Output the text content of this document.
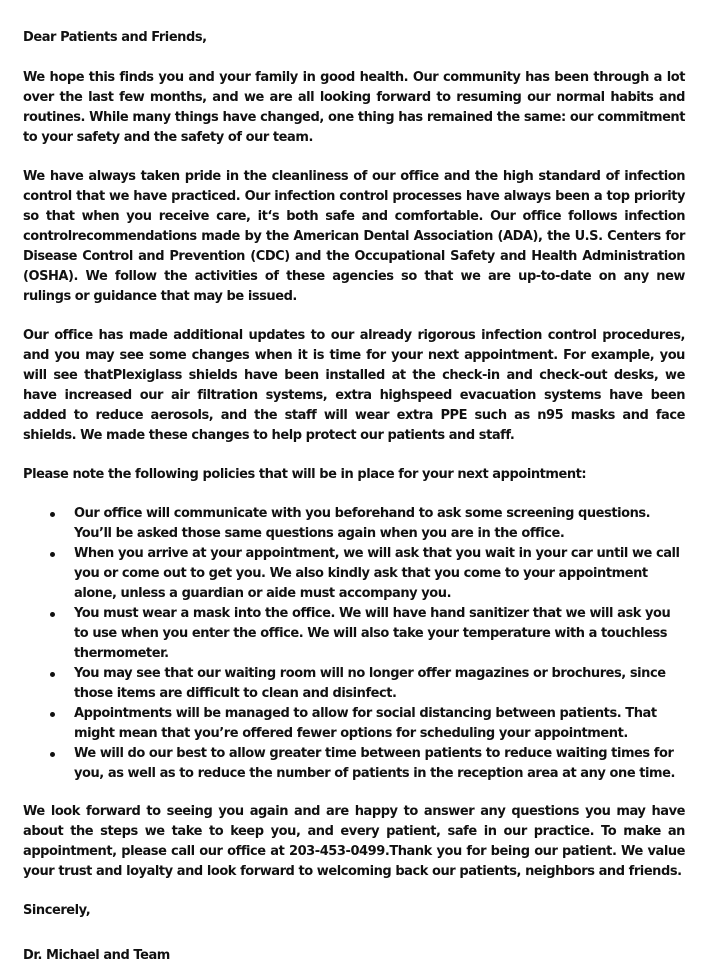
Dear Patients and Friends,

We hope this finds you and your family in good health. Our community has been through a lot over the last few months, and we are all looking forward to resuming our normal habits and routines. While many things have changed, one thing has remained the same: our commitment to your safety and the safety of our team.

We have always taken pride in the cleanliness of our office and the high standard of infection control that we have practiced. Our infection control processes have always been a top priority so that when you receive care, it‘s both safe and comfortable. Our office follows infection controlrecommendations made by the American Dental Association (ADA), the U.S. Centers for Disease Control and Prevention (CDC) and the Occupational Safety and Health Administration (OSHA). We follow the activities of these agencies so that we are up-to-date on any new rulings or guidance that may be issued.

Our office has made additional updates to our already rigorous infection control procedures, and you may see some changes when it is time for your next appointment. For example, you will see thatPlexiglass shields have been installed at the check-in and check-out desks, we have increased our air filtration systems, extra highspeed evacuation systems have been added to reduce aerosols, and the staff will wear extra PPE such as n95 masks and face shields. We made these changes to help protect our patients and staff.

Please note the following policies that will be in place for your next appointment:

Our office will communicate with you beforehand to ask some screening questions. You’ll be asked those same questions again when you are in the office.
When you arrive at your appointment, we will ask that you wait in your car until we call you or come out to get you. We also kindly ask that you come to your appointment alone, unless a guardian or aide must accompany you.
You must wear a mask into the office. We will have hand sanitizer that we will ask you to use when you enter the office. We will also take your temperature with a touchless thermometer.
You may see that our waiting room will no longer offer magazines or brochures, since those items are difficult to clean and disinfect.
Appointments will be managed to allow for social distancing between patients. That might mean that you’re offered fewer options for scheduling your appointment.
We will do our best to allow greater time between patients to reduce waiting times for you, as well as to reduce the number of patients in the reception area at any one time.

We look forward to seeing you again and are happy to answer any questions you may have about the steps we take to keep you, and every patient, safe in our practice. To make an appointment, please call our office at 203-453-0499.Thank you for being our patient. We value your trust and loyalty and look forward to welcoming back our patients, neighbors and friends.

Sincerely,

Dr. Michael and Team
